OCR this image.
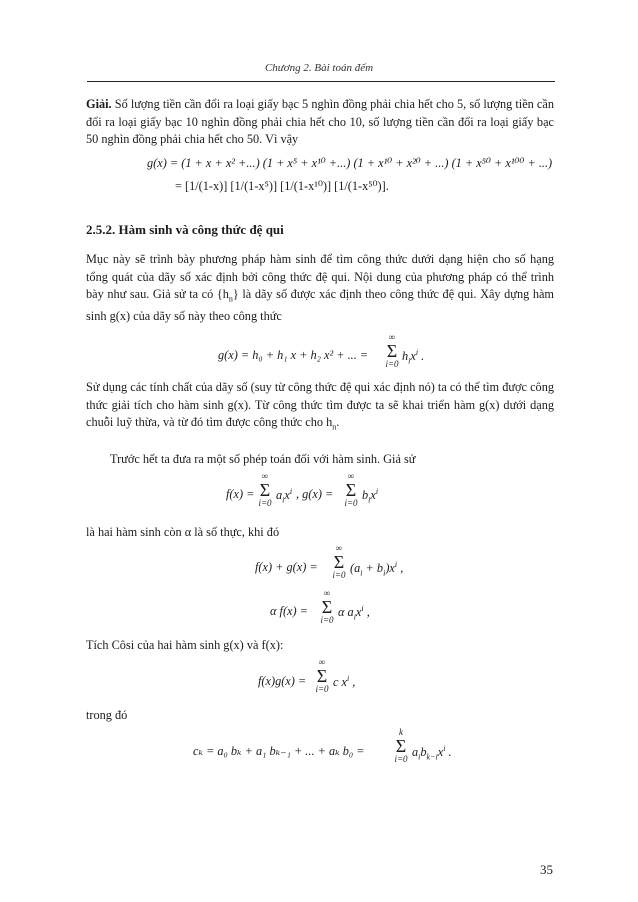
Chương 2. Bài toán đếm
Giải. Số lượng tiền cần đổi ra loại giấy bạc 5 nghìn đồng phải chia hết cho 5, số lượng tiền cần đổi ra loại giấy bạc 10 nghìn đồng phải chia hết cho 10, số lượng tiền cần đổi ra loại giấy bạc 50 nghìn đồng phải chia hết cho 50. Vì vậy
g(x) = (1 + x + x² +...) (1 + x⁵ + x¹⁰ +...) (1 + x¹⁰ + x²⁰ + ...) (1 + x⁵⁰ + x¹⁰⁰ + ...)
= [1/(1-x)] [1/(1-x⁵)] [1/(1-x¹⁰)] [1/(1-x⁵⁰)].
2.5.2. Hàm sinh và công thức đệ qui
Mục này sẽ trình bày phương pháp hàm sinh để tìm công thức dưới dạng hiện cho số hạng tổng quát của dãy số xác định bởi công thức đệ qui. Nội dung của phương pháp có thể trình bày như sau. Giả sử ta có $\{h_n\}$ là dãy số được xác định theo công thức đệ qui. Xây dựng hàm sinh g(x) của dãy số này theo công thức
g(x) = h₀ + h₁ x + h₂ x² + ... =
∞
Σ
i=0
$h_ix^i$ .
Sử dụng các tính chất của dãy số (suy từ công thức đệ qui xác định nó) ta có thể tìm được công thức giải tích cho hàm sinh g(x). Từ công thức tìm được ta sẽ khai triển hàm g(x) dưới dạng chuỗi luỹ thừa, và từ đó tìm được công thức cho $h_n$.
Trước hết ta đưa ra một số phép toán đối với hàm sinh. Giả sử
f(x) =
∞
Σ
i=0
$a_ix^i$ , g(x) =
∞
Σ
i=0
$b_ix^i$
là hai hàm sinh còn α là số thực, khi đó
f(x) + g(x) =
∞
Σ
i=0 $(a_i + b_i)x^i$ ,
α f(x) =
∞
Σ
i=0
α $a_ix^i$ ,
Tích Côsi của hai hàm sinh g(x) và f(x):
f(x)g(x) =
∞
Σ
i=0 c $x^i$ ,
trong đó
cₖ = a₀ bₖ + a₁ bₖ₋₁ + ... + aₖ b₀ =
k
Σ
i=0 $a_ib_{k-i}x^i$ .
35
